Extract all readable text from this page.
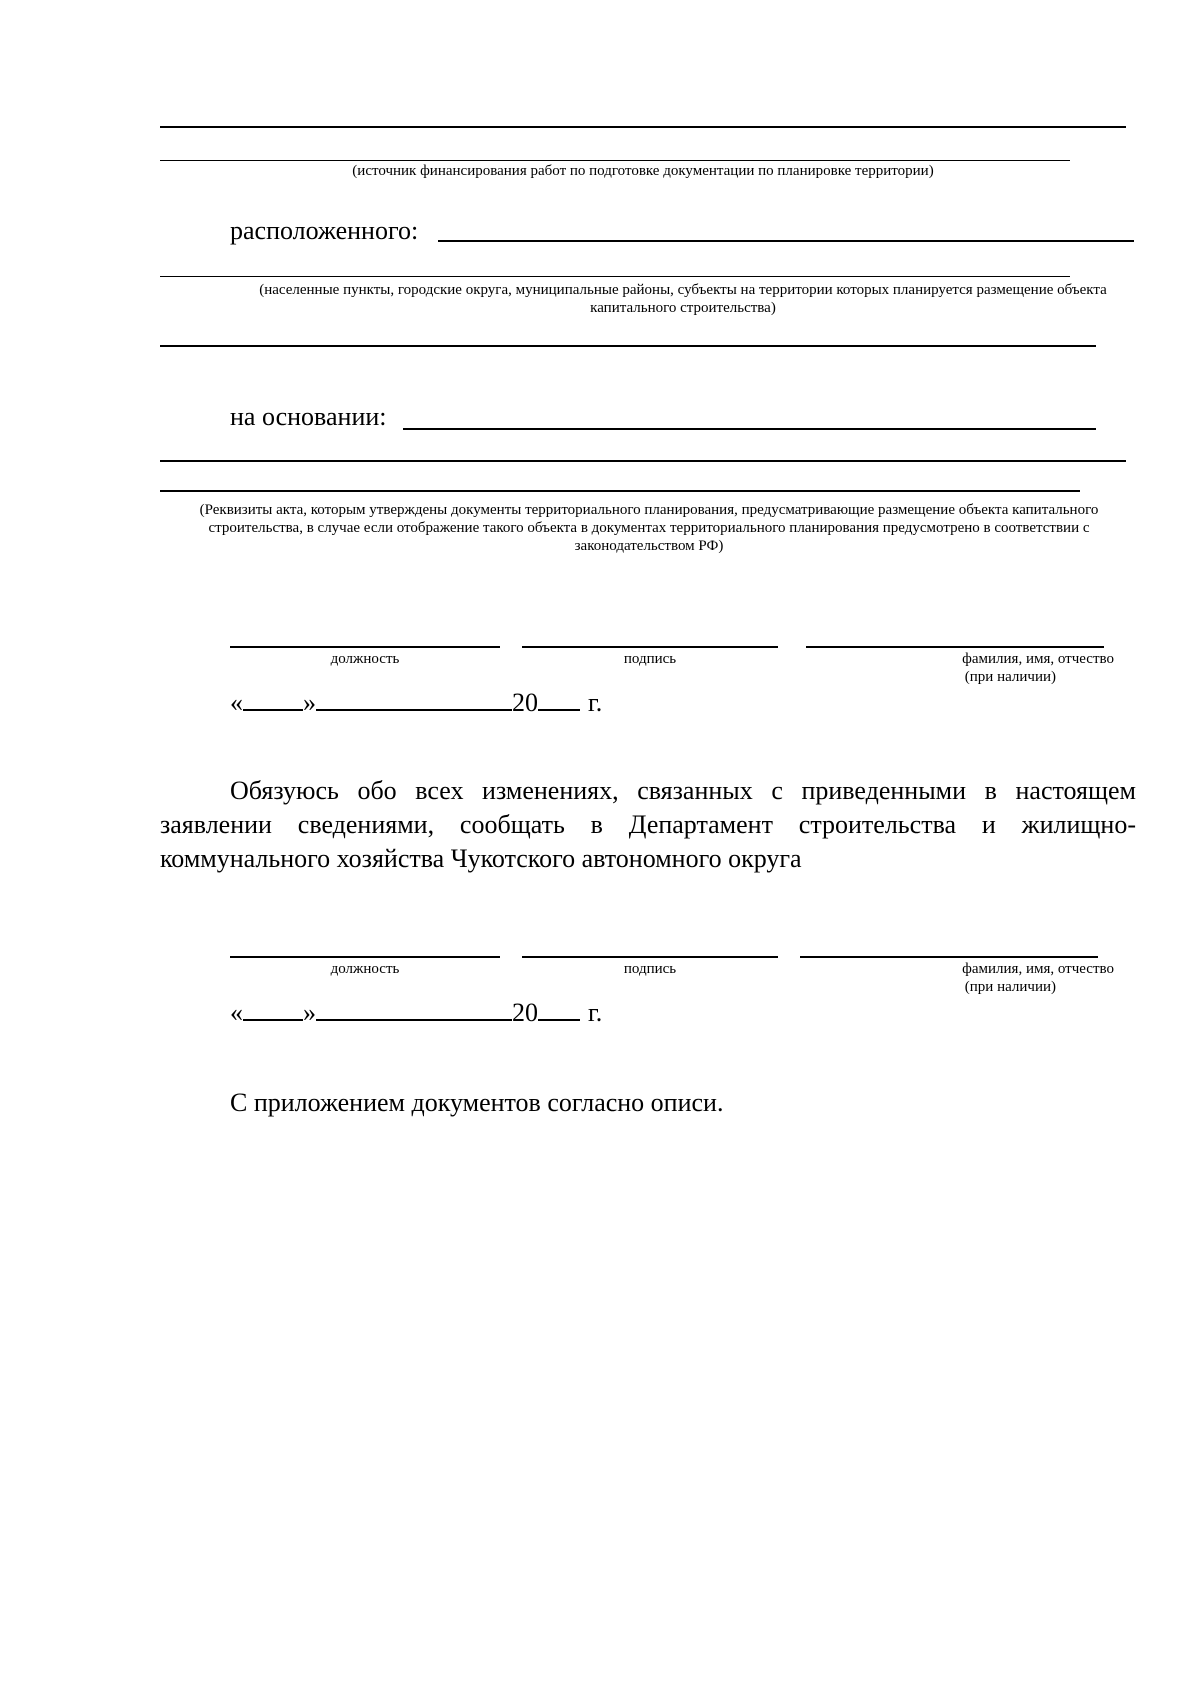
(источник финансирования работ по подготовке документации по планировке территории)
расположенного:
(населенные пункты, городские округа, муниципальные районы, субъекты на территории которых планируется размещение объекта капитального строительства)
на основании:
(Реквизиты акта, которым утверждены документы территориального планирования, предусматривающие размещение объекта капитального строительства, в случае если отображение такого объекта в документах территориального планирования предусмотрено в соответствии с законодательством РФ)
должность	подпись	фамилия, имя, отчество
(при наличии)
« »	20 г.
Обязуюсь обо всех изменениях, связанных с приведенными в настоящем заявлении сведениями, сообщать в Департамент строительства и жилищно-коммунального хозяйства Чукотского автономного округа
должность	подпись	фамилия, имя, отчество
(при наличии)
« »	20 г.
С приложением документов согласно описи.
